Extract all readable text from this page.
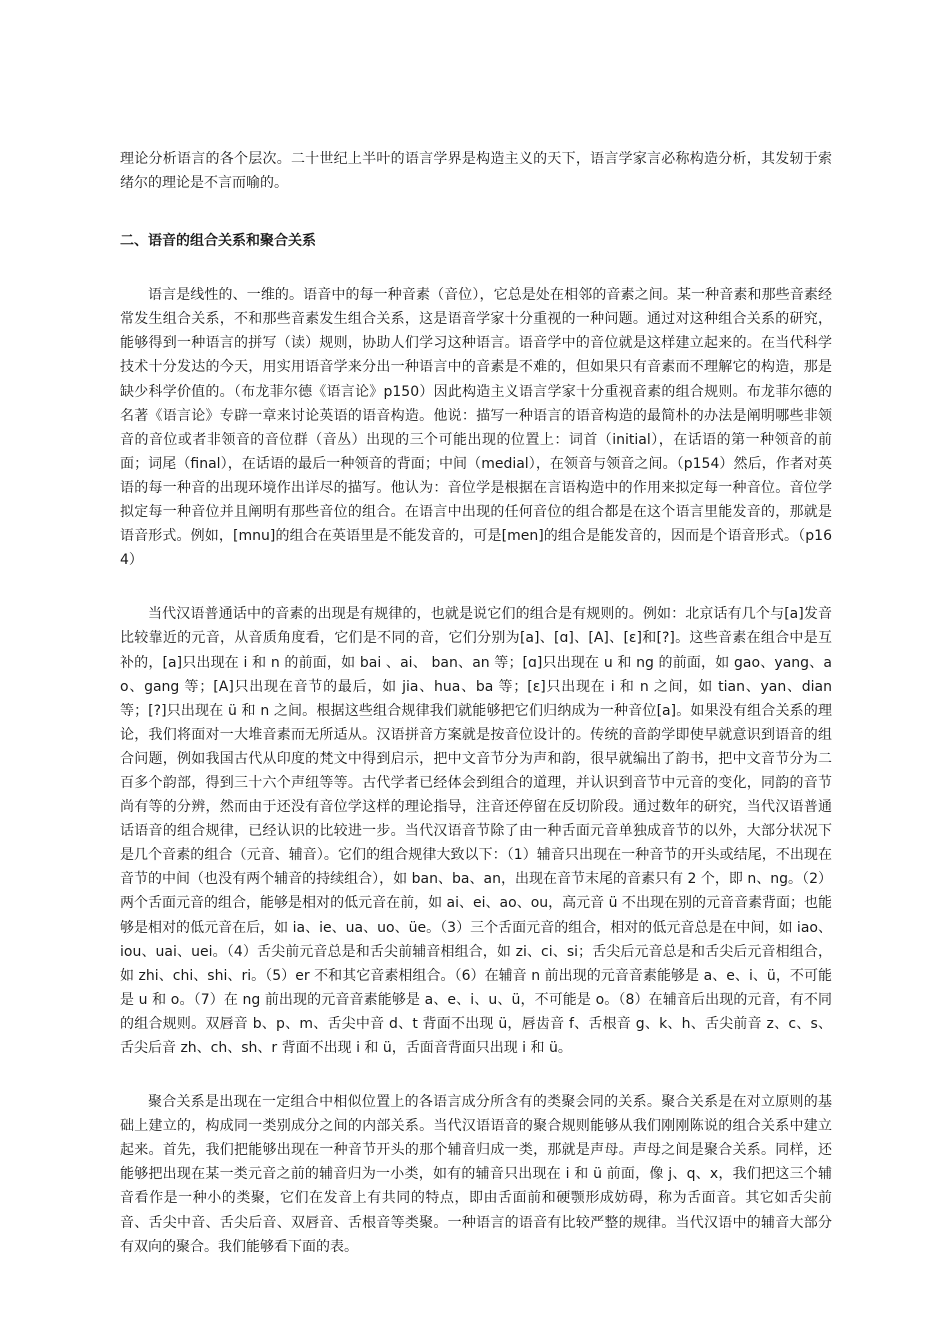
理论分析语言的各个层次。二十世纪上半叶的语言学界是构造主义的天下，语言学家言必称构造分析，其发轫于索绪尔的理论是不言而喻的。

二、语音的组合关系和聚合关系

语言是线性的、一维的。语音中的每一种音素（音位），它总是处在相邻的音素之间。某一种音素和那些音素经常发生组合关系，不和那些音素发生组合关系，这是语音学家十分重视的一种问题。通过对这种组合关系的研究，能够得到一种语言的拼写（读）规则，协助人们学习这种语言。语音学中的音位就是这样建立起来的。在当代科学技术十分发达的今天，用实用语音学来分出一种语言中的音素是不难的，但如果只有音素而不理解它的构造，那是缺少科学价值的。（布龙菲尔德《语言论》p150）因此构造主义语言学家十分重视音素的组合规则。布龙菲尔德的名著《语言论》专辟一章来讨论英语的语音构造。他说：描写一种语言的语音构造的最简朴的办法是阐明哪些非领音的音位或者非领音的音位群（音丛）出现的三个可能出现的位置上：词首（initial），在话语的第一种领音的前面；词尾（final），在话语的最后一种领音的背面；中间（medial），在领音与领音之间。（p154）然后，作者对英语的每一种音的出现环境作出详尽的描写。他认为：音位学是根据在言语构造中的作用来拟定每一种音位。音位学拟定每一种音位并且阐明有那些音位的组合。在语言中出现的任何音位的组合都是在这个语言里能发音的，那就是语音形式。例如，[mnu]的组合在英语里是不能发音的，可是[men]的组合是能发音的，因而是个语音形式。（p164）

当代汉语普通话中的音素的出现是有规律的，也就是说它们的组合是有规则的。例如：北京话有几个与[a]发音比较靠近的元音，从音质角度看，它们是不同的音，它们分别为[a]、[ɑ]、[A]、[ε]和[?]。这些音素在组合中是互补的，[a]只出现在 i 和 n 的前面，如 bai 、ai、 ban、an 等；[ɑ]只出现在 u 和 ng 的前面，如 gao、yang、ao、gang 等；[A]只出现在音节的最后，如 jia、hua、ba 等；[ε]只出现在 i 和 n 之间，如 tian、yan、dian 等；[?]只出现在 ü 和 n 之间。根据这些组合规律我们就能够把它们归纳成为一种音位[a]。如果没有组合关系的理论，我们将面对一大堆音素而无所适从。汉语拼音方案就是按音位设计的。传统的音韵学即使早就意识到语音的组合问题，例如我国古代从印度的梵文中得到启示，把中文音节分为声和韵，很早就编出了韵书，把中文音节分为二百多个韵部，得到三十六个声纽等等。古代学者已经体会到组合的道理，并认识到音节中元音的变化，同韵的音节尚有等的分辨，然而由于还没有音位学这样的理论指导，注音还停留在反切阶段。通过数年的研究，当代汉语普通话语音的组合规律，已经认识的比较进一步。当代汉语音节除了由一种舌面元音单独成音节的以外，大部分状况下是几个音素的组合（元音、辅音）。它们的组合规律大致以下：（1）辅音只出现在一种音节的开头或结尾，不出现在音节的中间（也没有两个辅音的持续组合），如 ban、ba、an，出现在音节末尾的音素只有 2 个，即 n、ng。（2）两个舌面元音的组合，能够是相对的低元音在前，如 ai、ei、ao、ou，高元音 ü 不出现在别的元音音素背面；也能够是相对的低元音在后，如 ia、ie、ua、uo、üe。（3）三个舌面元音的组合，相对的低元音总是在中间，如 iao、iou、uai、uei。（4）舌尖前元音总是和舌尖前辅音相组合，如 zi、ci、si；舌尖后元音总是和舌尖后元音相组合，如 zhi、chi、shi、ri。（5）er 不和其它音素相组合。（6）在辅音 n 前出现的元音音素能够是 a、e、i、ü，不可能是 u 和 o。（7）在 ng 前出现的元音音素能够是 a、e、i、u、ü，不可能是 o。（8）在辅音后出现的元音，有不同的组合规则。双唇音 b、p、m、舌尖中音 d、t 背面不出现 ü，唇齿音 f、舌根音 g、k、h、舌尖前音 z、c、s、舌尖后音 zh、ch、sh、r 背面不出现 i 和 ü，舌面音背面只出现 i 和 ü。

聚合关系是出现在一定组合中相似位置上的各语言成分所含有的类聚会同的关系。聚合关系是在对立原则的基础上建立的，构成同一类别成分之间的内部关系。当代汉语语音的聚合规则能够从我们刚刚陈说的组合关系中建立起来。首先，我们把能够出现在一种音节开头的那个辅音归成一类，那就是声母。声母之间是聚合关系。同样，还能够把出现在某一类元音之前的辅音归为一小类，如有的辅音只出现在 i 和 ü 前面，像 j、q、x，我们把这三个辅音看作是一种小的类聚，它们在发音上有共同的特点，即由舌面前和硬颚形成妨碍，称为舌面音。其它如舌尖前音、舌尖中音、舌尖后音、双唇音、舌根音等类聚。一种语言的语音有比较严整的规律。当代汉语中的辅音大部分有双向的聚合。我们能够看下面的表。
